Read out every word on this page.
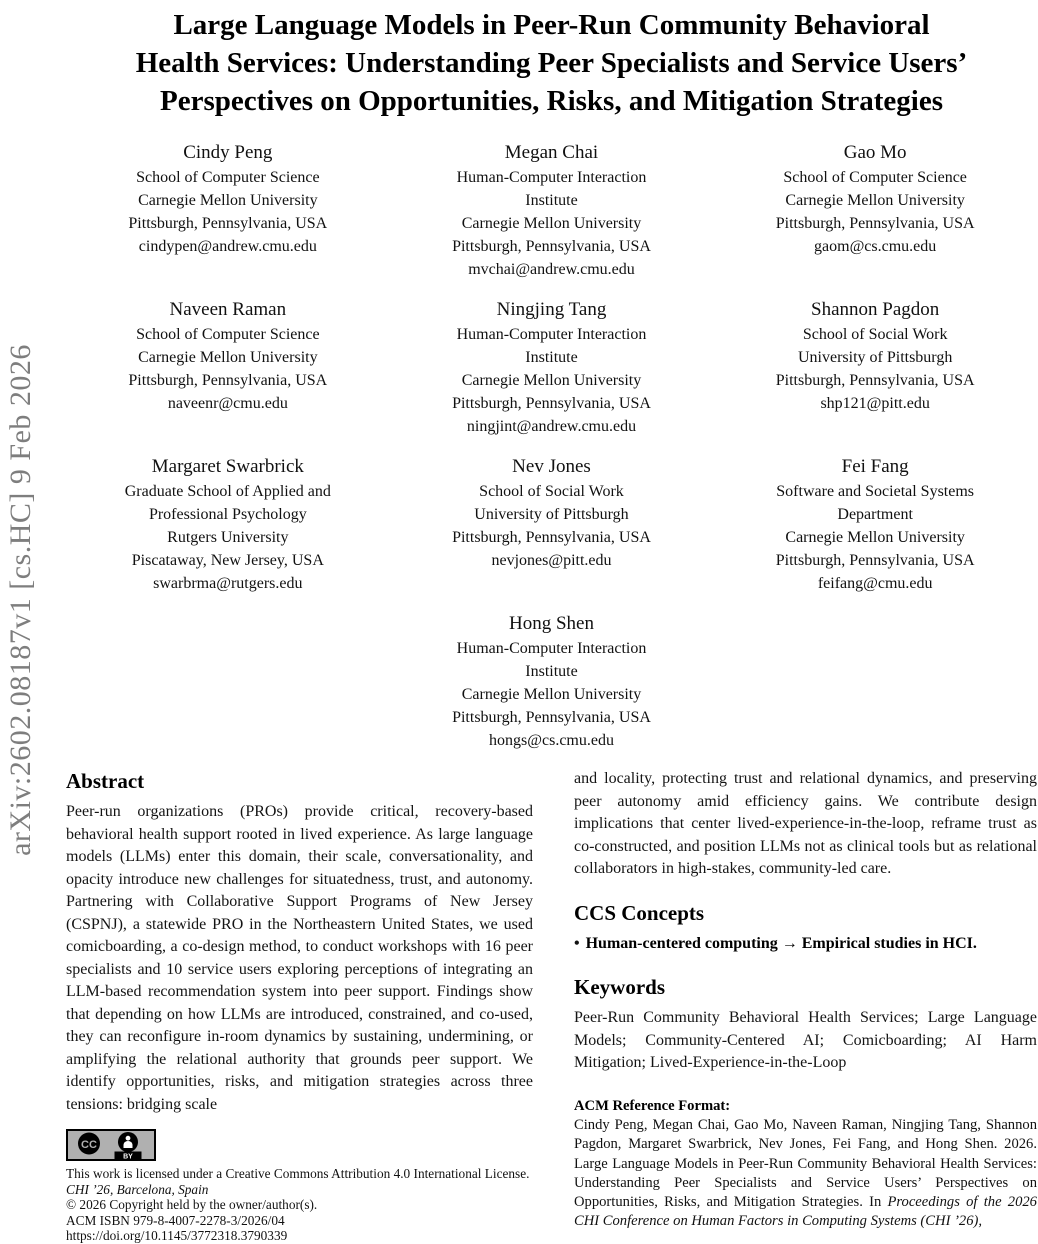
arXiv:2602.08187v1 [cs.HC] 9 Feb 2026
Large Language Models in Peer-Run Community Behavioral
Health Services: Understanding Peer Specialists and Service Users’
Perspectives on Opportunities, Risks, and Mitigation Strategies
Cindy Peng
School of Computer Science
Carnegie Mellon University
Pittsburgh, Pennsylvania, USA
cindypen@andrew.cmu.edu
Megan Chai
Human-Computer Interaction
Institute
Carnegie Mellon University
Pittsburgh, Pennsylvania, USA
mvchai@andrew.cmu.edu
Gao Mo
School of Computer Science
Carnegie Mellon University
Pittsburgh, Pennsylvania, USA
gaom@cs.cmu.edu
Naveen Raman
School of Computer Science
Carnegie Mellon University
Pittsburgh, Pennsylvania, USA
naveenr@cmu.edu
Ningjing Tang
Human-Computer Interaction
Institute
Carnegie Mellon University
Pittsburgh, Pennsylvania, USA
ningjint@andrew.cmu.edu
Shannon Pagdon
School of Social Work
University of Pittsburgh
Pittsburgh, Pennsylvania, USA
shp121@pitt.edu
Margaret Swarbrick
Graduate School of Applied and
Professional Psychology
Rutgers University
Piscataway, New Jersey, USA
swarbrma@rutgers.edu
Nev Jones
School of Social Work
University of Pittsburgh
Pittsburgh, Pennsylvania, USA
nevjones@pitt.edu
Fei Fang
Software and Societal Systems
Department
Carnegie Mellon University
Pittsburgh, Pennsylvania, USA
feifang@cmu.edu
Hong Shen
Human-Computer Interaction
Institute
Carnegie Mellon University
Pittsburgh, Pennsylvania, USA
hongs@cs.cmu.edu
Abstract

Peer-run organizations (PROs) provide critical, recovery-based behavioral health support rooted in lived experience. As large language models (LLMs) enter this domain, their scale, conversationality, and opacity introduce new challenges for situatedness, trust, and autonomy. Partnering with Collaborative Support Programs of New Jersey (CSPNJ), a statewide PRO in the Northeastern United States, we used comicboarding, a co-design method, to conduct workshops with 16 peer specialists and 10 service users exploring perceptions of integrating an LLM-based recommendation system into peer support. Findings show that depending on how LLMs are introduced, constrained, and co-used, they can reconfigure in-room dynamics by sustaining, undermining, or amplifying the relational authority that grounds peer support. We identify opportunities, risks, and mitigation strategies across three tensions: bridging scale

CC
BY
This work is licensed under a Creative Commons Attribution 4.0 International License.
CHI ’26, Barcelona, Spain
© 2026 Copyright held by the owner/author(s).
ACM ISBN 979-8-4007-2278-3/2026/04
https://doi.org/10.1145/3772318.3790339

and locality, protecting trust and relational dynamics, and preserving peer autonomy amid efficiency gains. We contribute design implications that center lived-experience-in-the-loop, reframe trust as co-constructed, and position LLMs not as clinical tools but as relational collaborators in high-stakes, community-led care.

CCS Concepts

• Human-centered computing → Empirical studies in HCI.

Keywords

Peer-Run Community Behavioral Health Services; Large Language Models; Community-Centered AI; Comicboarding; AI Harm Mitigation; Lived-Experience-in-the-Loop

ACM Reference Format:

Cindy Peng, Megan Chai, Gao Mo, Naveen Raman, Ningjing Tang, Shannon Pagdon, Margaret Swarbrick, Nev Jones, Fei Fang, and Hong Shen. 2026. Large Language Models in Peer-Run Community Behavioral Health Services: Understanding Peer Specialists and Service Users’ Perspectives on Opportunities, Risks, and Mitigation Strategies. In Proceedings of the 2026 CHI Conference on Human Factors in Computing Systems (CHI ’26),
